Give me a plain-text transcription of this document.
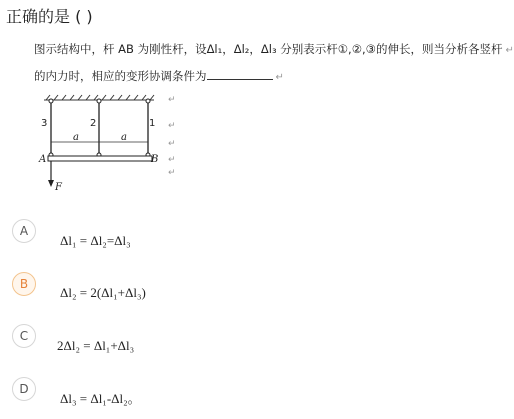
正确的是 ( )
图示结构中，杆 AB 为刚性杆，设Δl₁，Δl₂，Δl₃ 分别表示杆①,②,③的伸长，则当分析各竖杆 ↵
的内力时，相应的变形协调条件为	↵
3	2	1
a	a
A	B
F
↵
↵
↵
↵
↵
A
Δl₁ = Δl₂=Δl₃
B
Δl₂ = 2(Δl₁+Δl₃)
C
2Δl₂ = Δl₁+Δl₃
D
Δl₃ = Δl₁-Δl₂。
